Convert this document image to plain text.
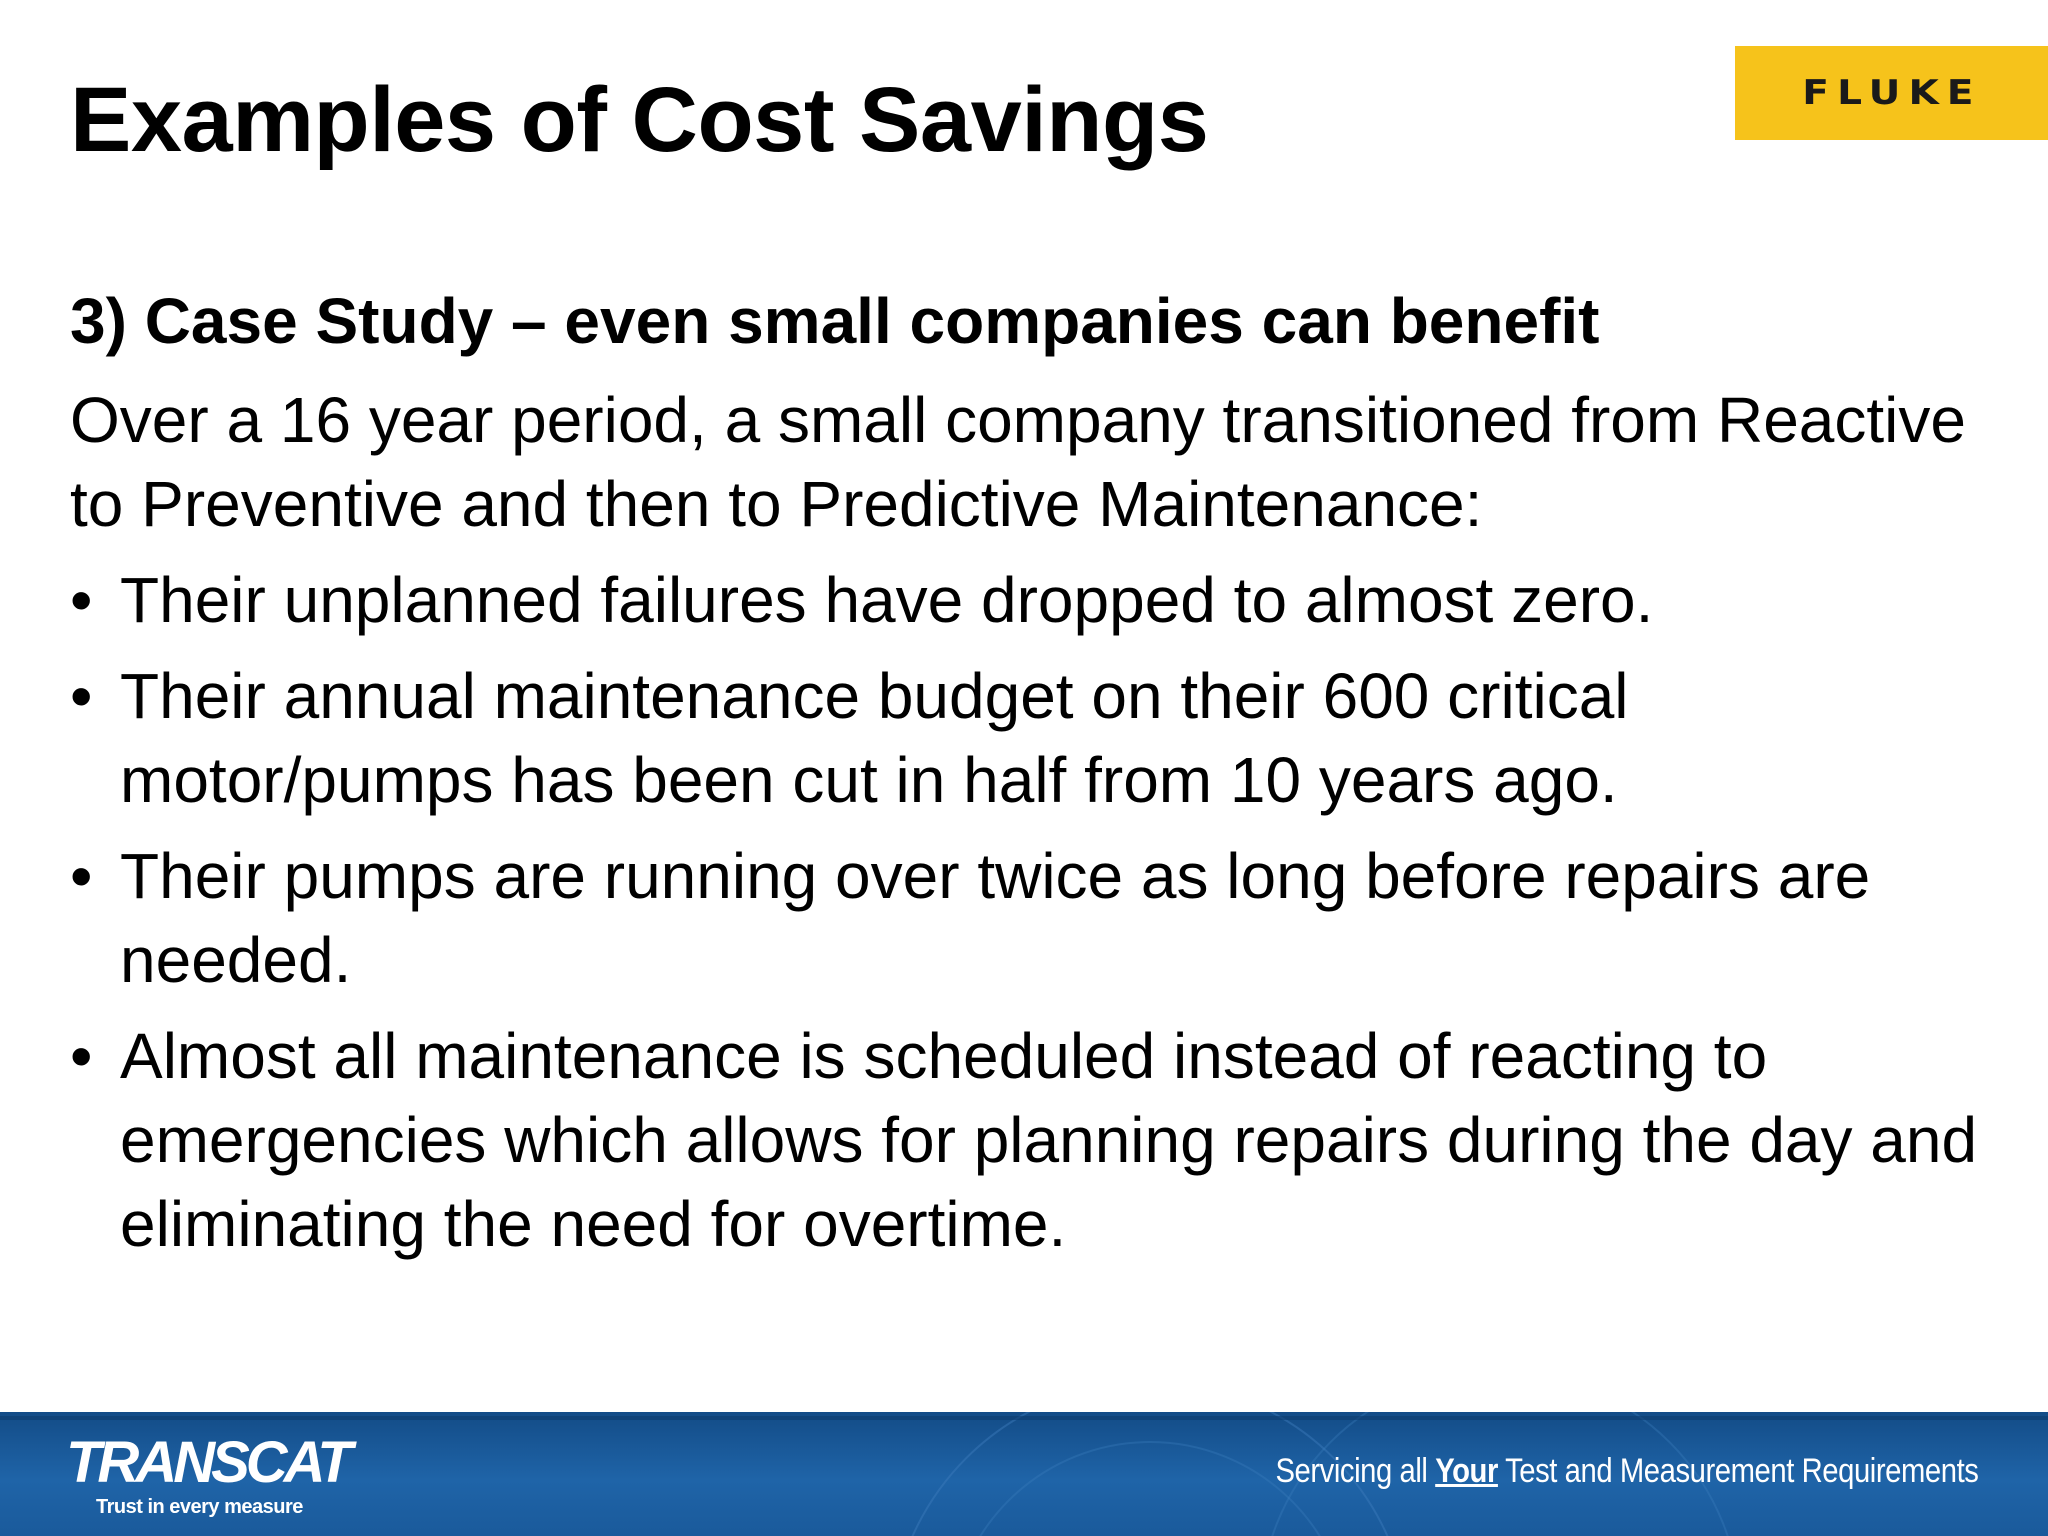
Examples of Cost Savings	FLUKE

3) Case Study – even small companies can benefit

Over a 16 year period, a small company transitioned from Reactive to Preventive and then to Predictive Maintenance:

• Their unplanned failures have dropped to almost zero.
• Their annual maintenance budget on their 600 critical motor/pumps has been cut in half from 10 years ago.
• Their pumps are running over twice as long before repairs are needed.
• Almost all maintenance is scheduled instead of reacting to emergencies which allows for planning repairs during the day and eliminating the need for overtime.
TRANSCAT
Trust in every measure
Servicing all Your Test and Measurement Requirements
